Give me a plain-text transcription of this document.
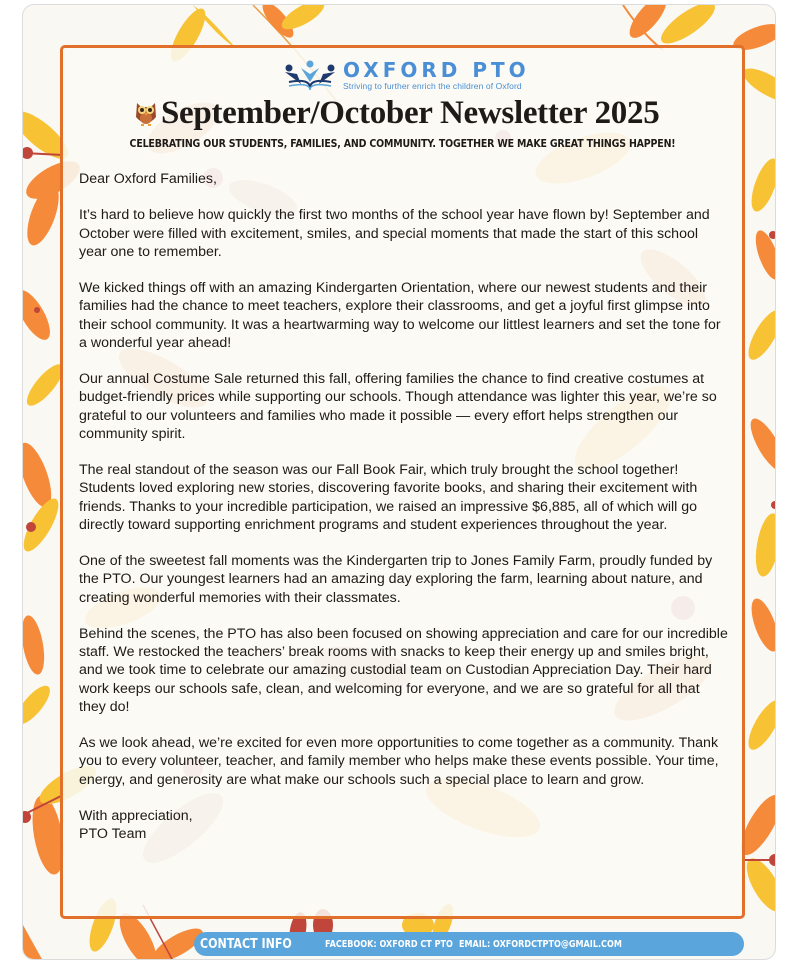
OXFORD PTO
Striving to further enrich the children of Oxford
September/October Newsletter 2025
CELEBRATING OUR STUDENTS, FAMILIES, AND COMMUNITY. TOGETHER WE MAKE GREAT THINGS HAPPEN!

Dear Oxford Families,

It’s hard to believe how quickly the first two months of the school year have flown by! September and October were filled with excitement, smiles, and special moments that made the start of this school year one to remember.

We kicked things off with an amazing Kindergarten Orientation, where our newest students and their families had the chance to meet teachers, explore their classrooms, and get a joyful first glimpse into their school community. It was a heartwarming way to welcome our littlest learners and set the tone for a wonderful year ahead!

Our annual Costume Sale returned this fall, offering families the chance to find creative costumes at budget-friendly prices while supporting our schools. Though attendance was lighter this year, we’re so grateful to our volunteers and families who made it possible — every effort helps strengthen our community spirit.

The real standout of the season was our Fall Book Fair, which truly brought the school together! Students loved exploring new stories, discovering favorite books, and sharing their excitement with friends. Thanks to your incredible participation, we raised an impressive $6,885, all of which will go directly toward supporting enrichment programs and student experiences throughout the year.

One of the sweetest fall moments was the Kindergarten trip to Jones Family Farm, proudly funded by the PTO. Our youngest learners had an amazing day exploring the farm, learning about nature, and creating wonderful memories with their classmates.

Behind the scenes, the PTO has also been focused on showing appreciation and care for our incredible staff. We restocked the teachers’ break rooms with snacks to keep their energy up and smiles bright, and we took time to celebrate our amazing custodial team on Custodian Appreciation Day. Their hard work keeps our schools safe, clean, and welcoming for everyone, and we are so grateful for all that they do!

As we look ahead, we’re excited for even more opportunities to come together as a community. Thank you to every volunteer, teacher, and family member who helps make these events possible. Your time, energy, and generosity are what make our schools such a special place to learn and grow.

With appreciation,

PTO Team

CONTACT INFO	FACEBOOK: OXFORD CT PTO EMAIL: OXFORDCTPTO@GMAIL.COM
